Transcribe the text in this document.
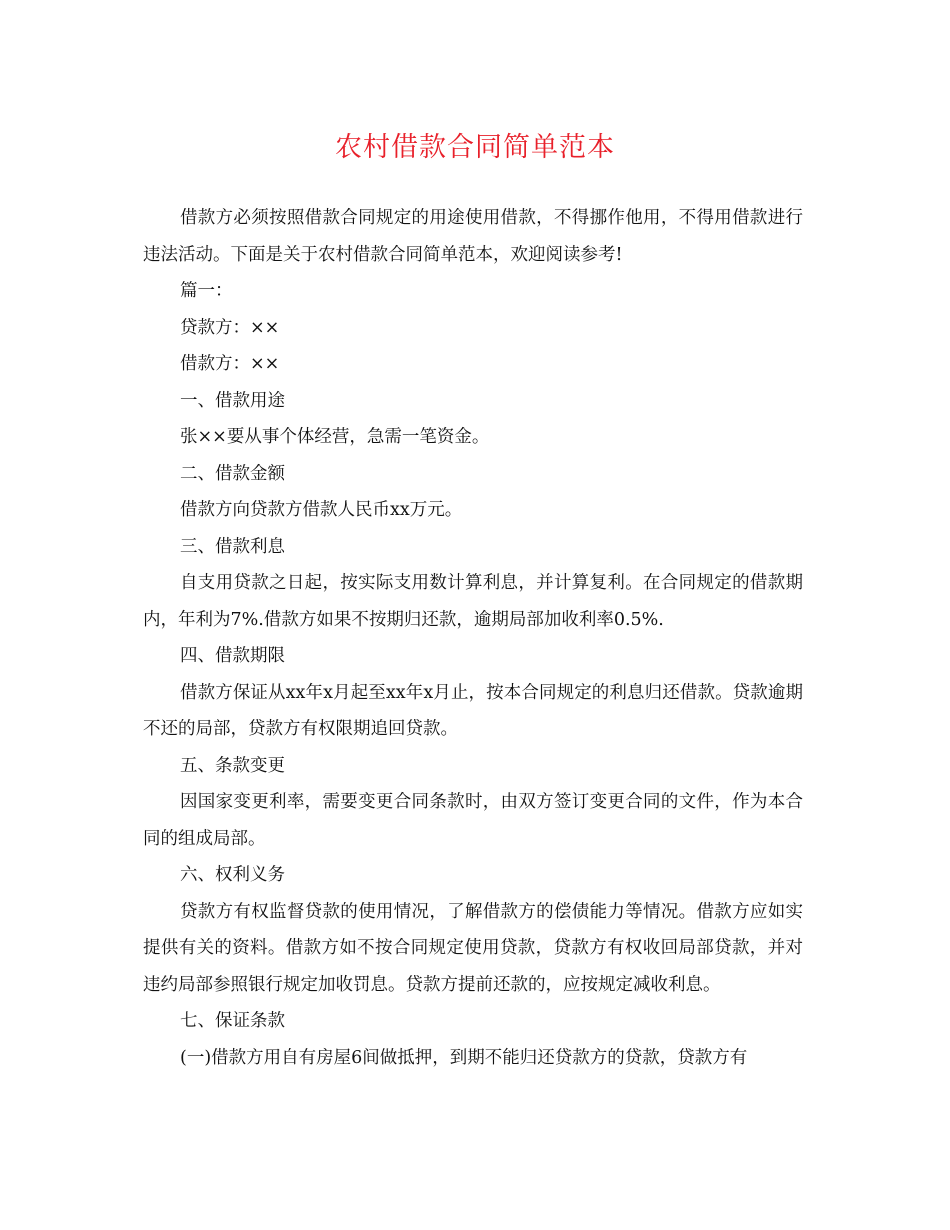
农村借款合同简单范本

借款方必须按照借款合同规定的用途使用借款，不得挪作他用，不得用借款进行违法活动。下面是关于农村借款合同简单范本，欢迎阅读参考!

篇一：

贷款方：××

借款方：××

一、借款用途

张××要从事个体经营，急需一笔资金。

二、借款金额

借款方向贷款方借款人民币xx万元。

三、借款利息

自支用贷款之日起，按实际支用数计算利息，并计算复利。在合同规定的借款期内，年利为7%.借款方如果不按期归还款，逾期局部加收利率0.5%.

四、借款期限

借款方保证从xx年x月起至xx年x月止，按本合同规定的利息归还借款。贷款逾期不还的局部，贷款方有权限期追回贷款。

五、条款变更

因国家变更利率，需要变更合同条款时，由双方签订变更合同的文件，作为本合同的组成局部。

六、权利义务

贷款方有权监督贷款的使用情况，了解借款方的偿债能力等情况。借款方应如实提供有关的资料。借款方如不按合同规定使用贷款，贷款方有权收回局部贷款，并对违约局部参照银行规定加收罚息。贷款方提前还款的，应按规定减收利息。

七、保证条款

(一)借款方用自有房屋6间做抵押，到期不能归还贷款方的贷款，贷款方有
